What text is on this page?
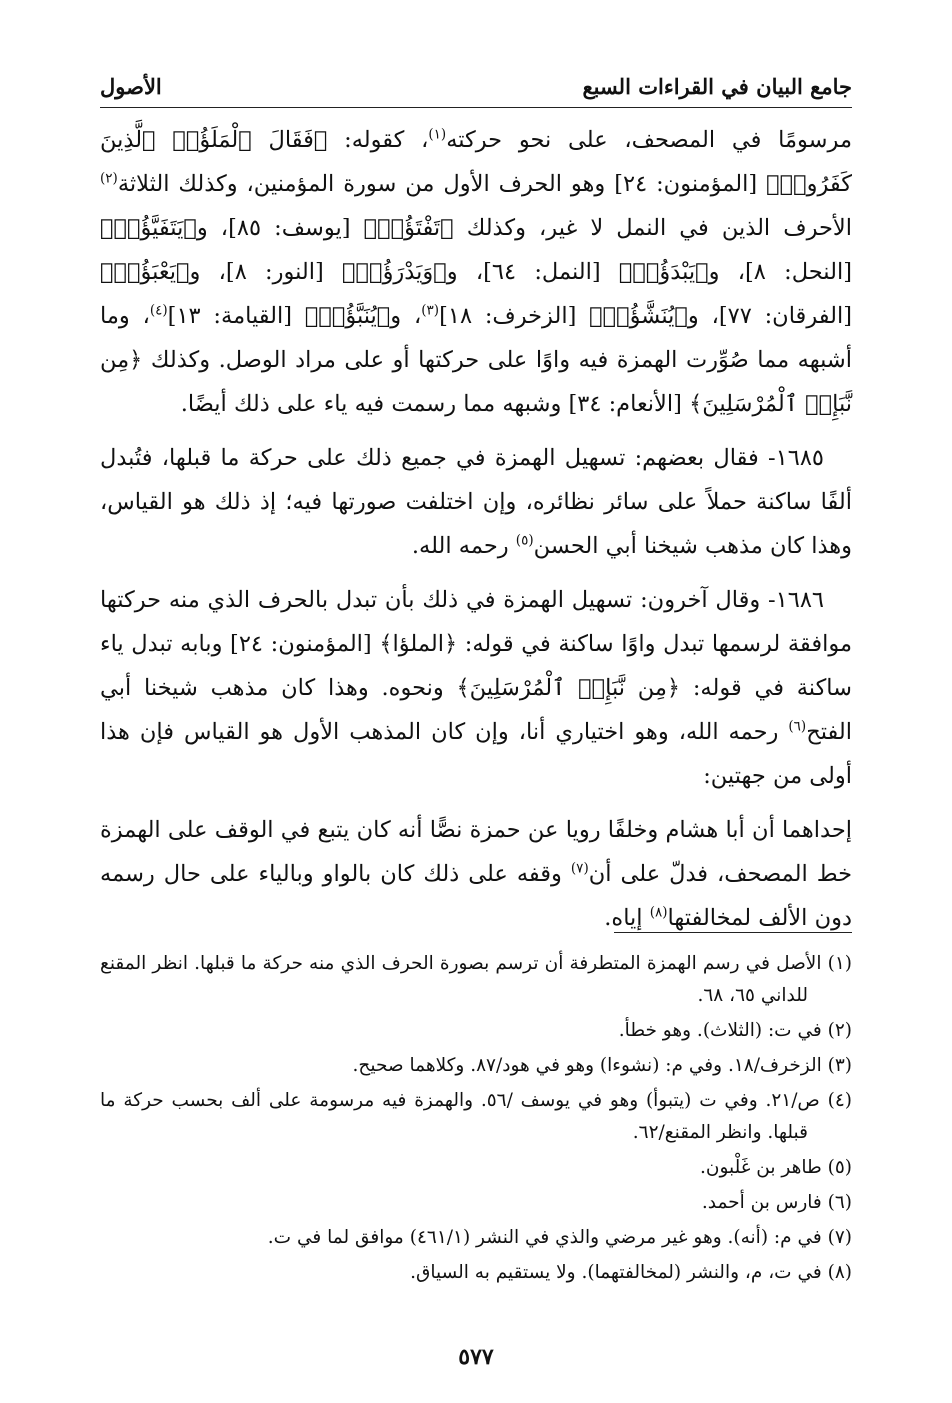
جامع البيان في القراءات السبع
الأصول

مرسومًا في المصحف، على نحو حركته$^{(١)}$، كقوله: ﴿فَقَالَ ٱلْمَلَؤُا۟ ٱلَّذِينَ كَفَرُوا۟﴾ [المؤمنون: ٢٤] وهو الحرف الأول من سورة المؤمنين، وكذلك الثلاثة$^{(٢)}$ الأحرف الذين في النمل لا غير، وكذلك ﴿تَفْتَؤُا۟﴾ [يوسف: ٨٥]، و﴿يَتَفَيَّؤُا۟﴾ [النحل: ٨]، و﴿يَبْدَؤُا۟﴾ [النمل: ٦٤]، و﴿وَيَدْرَؤُا۟﴾ [النور: ٨]، و﴿يَعْبَؤُا۟﴾ [الفرقان: ٧٧]، و﴿يُنَشَّؤُا۟﴾ [الزخرف: ١٨]$^{(٣)}$، و﴿يُنَبَّؤُا۟﴾ [القيامة: ١٣]$^{(٤)}$، وما أشبهه مما صُوِّرت الهمزة فيه واوًا على حركتها أو على مراد الوصل. وكذلك ﴿مِن نَّبَإِى۟ ٱلْمُرْسَلِينَ﴾ [الأنعام: ٣٤] وشبهه مما رسمت فيه ياء على ذلك أيضًا.

١٦٨٥- فقال بعضهم: تسهيل الهمزة في جميع ذلك على حركة ما قبلها، فتُبدل ألفًا ساكنة حملاً على سائر نظائره، وإن اختلفت صورتها فيه؛ إذ ذلك هو القياس، وهذا كان مذهب شيخنا أبي الحسن$^{(٥)}$ رحمه الله.

١٦٨٦- وقال آخرون: تسهيل الهمزة في ذلك بأن تبدل بالحرف الذي منه حركتها موافقة لرسمها تبدل واوًا ساكنة في قوله: ﴿الملؤا﴾ [المؤمنون: ٢٤] وبابه تبدل ياء ساكنة في قوله: ﴿مِن نَّبَإِى۟ ٱلْمُرْسَلِينَ﴾ ونحوه. وهذا كان مذهب شيخنا أبي الفتح$^{(٦)}$ رحمه الله، وهو اختياري أنا، وإن كان المذهب الأول هو القياس فإن هذا أولى من جهتين:

إحداهما أن أبا هشام وخلفًا رويا عن حمزة نصًّا أنه كان يتبع في الوقف على الهمزة خط المصحف، فدلّ على أن$^{(٧)}$ وقفه على ذلك كان بالواو وبالياء على حال رسمه دون الألف لمخالفتها$^{(٨)}$ إياه.

(١) الأصل في رسم الهمزة المتطرفة أن ترسم بصورة الحرف الذي منه حركة ما قبلها. انظر المقنع للداني ٦٥، ٦٨.

(٢) في ت: (الثلاث). وهو خطأ.

(٣) الزخرف/١٨. وفي م: (نشوءا) وهو في هود/٨٧. وكلاهما صحيح.

(٤) ص/٢١. وفي ت (يتبوأ) وهو في يوسف /٥٦. والهمزة فيه مرسومة على ألف بحسب حركة ما قبلها. وانظر المقنع/٦٢.

(٥) طاهر بن غَلْبون.

(٦) فارس بن أحمد.

(٧) في م: (أنه). وهو غير مرضي والذي في النشر (٤٦١/١) موافق لما في ت.

(٨) في ت، م، والنشر (لمخالفتهما). ولا يستقيم به السياق.

٥٧٧
